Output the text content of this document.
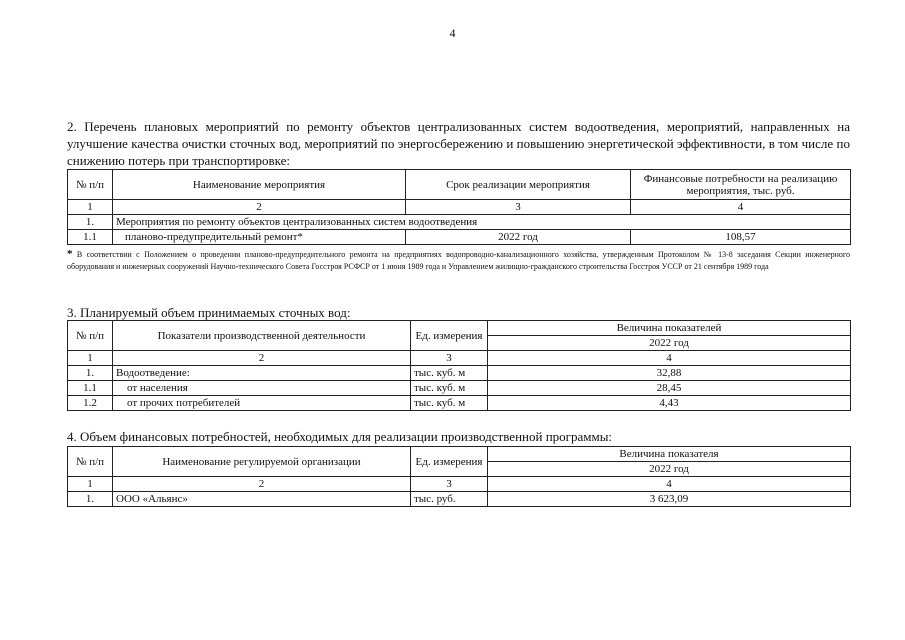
4
2. Перечень плановых мероприятий по ремонту объектов централизованных систем водоотведения, мероприятий, направленных на улучшение качества очистки сточных вод, мероприятий по энергосбережению и повышению энергетической эффективности, в том числе по снижению потерь при транспортировке:
№ п/п	Наименование мероприятия	Срок реализации мероприятия	Финансовые потребности на реализацию мероприятия, тыс. руб.
1	2	3	4
1.	Мероприятия по ремонту объектов централизованных систем водоотведения		
1.1	планово-предупредительный ремонт*	2022 год	108,57
* В соответствии с Положением о проведении планово-предупредительного ремонта на предприятиях водопроводно-канализационного хозяйства, утвержденным Протоколом № 13-8 заседания Секции инженерного оборудования и инженерных сооружений Научно-технического Совета Госстроя РСФСР от 1 июня 1989 года и Управлением жилищно-гражданского строительства Госстроя УССР от 21 сентября 1989 года
3. Планируемый объем принимаемых сточных вод:
№ п/п	Показатели производственной деятельности	Ед. измерения	Величина показателей
			2022 год
1	2	3	4
1.	Водоотведение:	тыс. куб. м	32,88
1.1	от населения	тыс. куб. м	28,45
1.2	от прочих потребителей	тыс. куб. м	4,43
4. Объем финансовых потребностей, необходимых для реализации производственной программы:
№ п/п	Наименование регулируемой организации	Ед. измерения	Величина показателя
			2022 год
1	2	3	4
1.	ООО «Альянс»	тыс. руб.	3 623,09
